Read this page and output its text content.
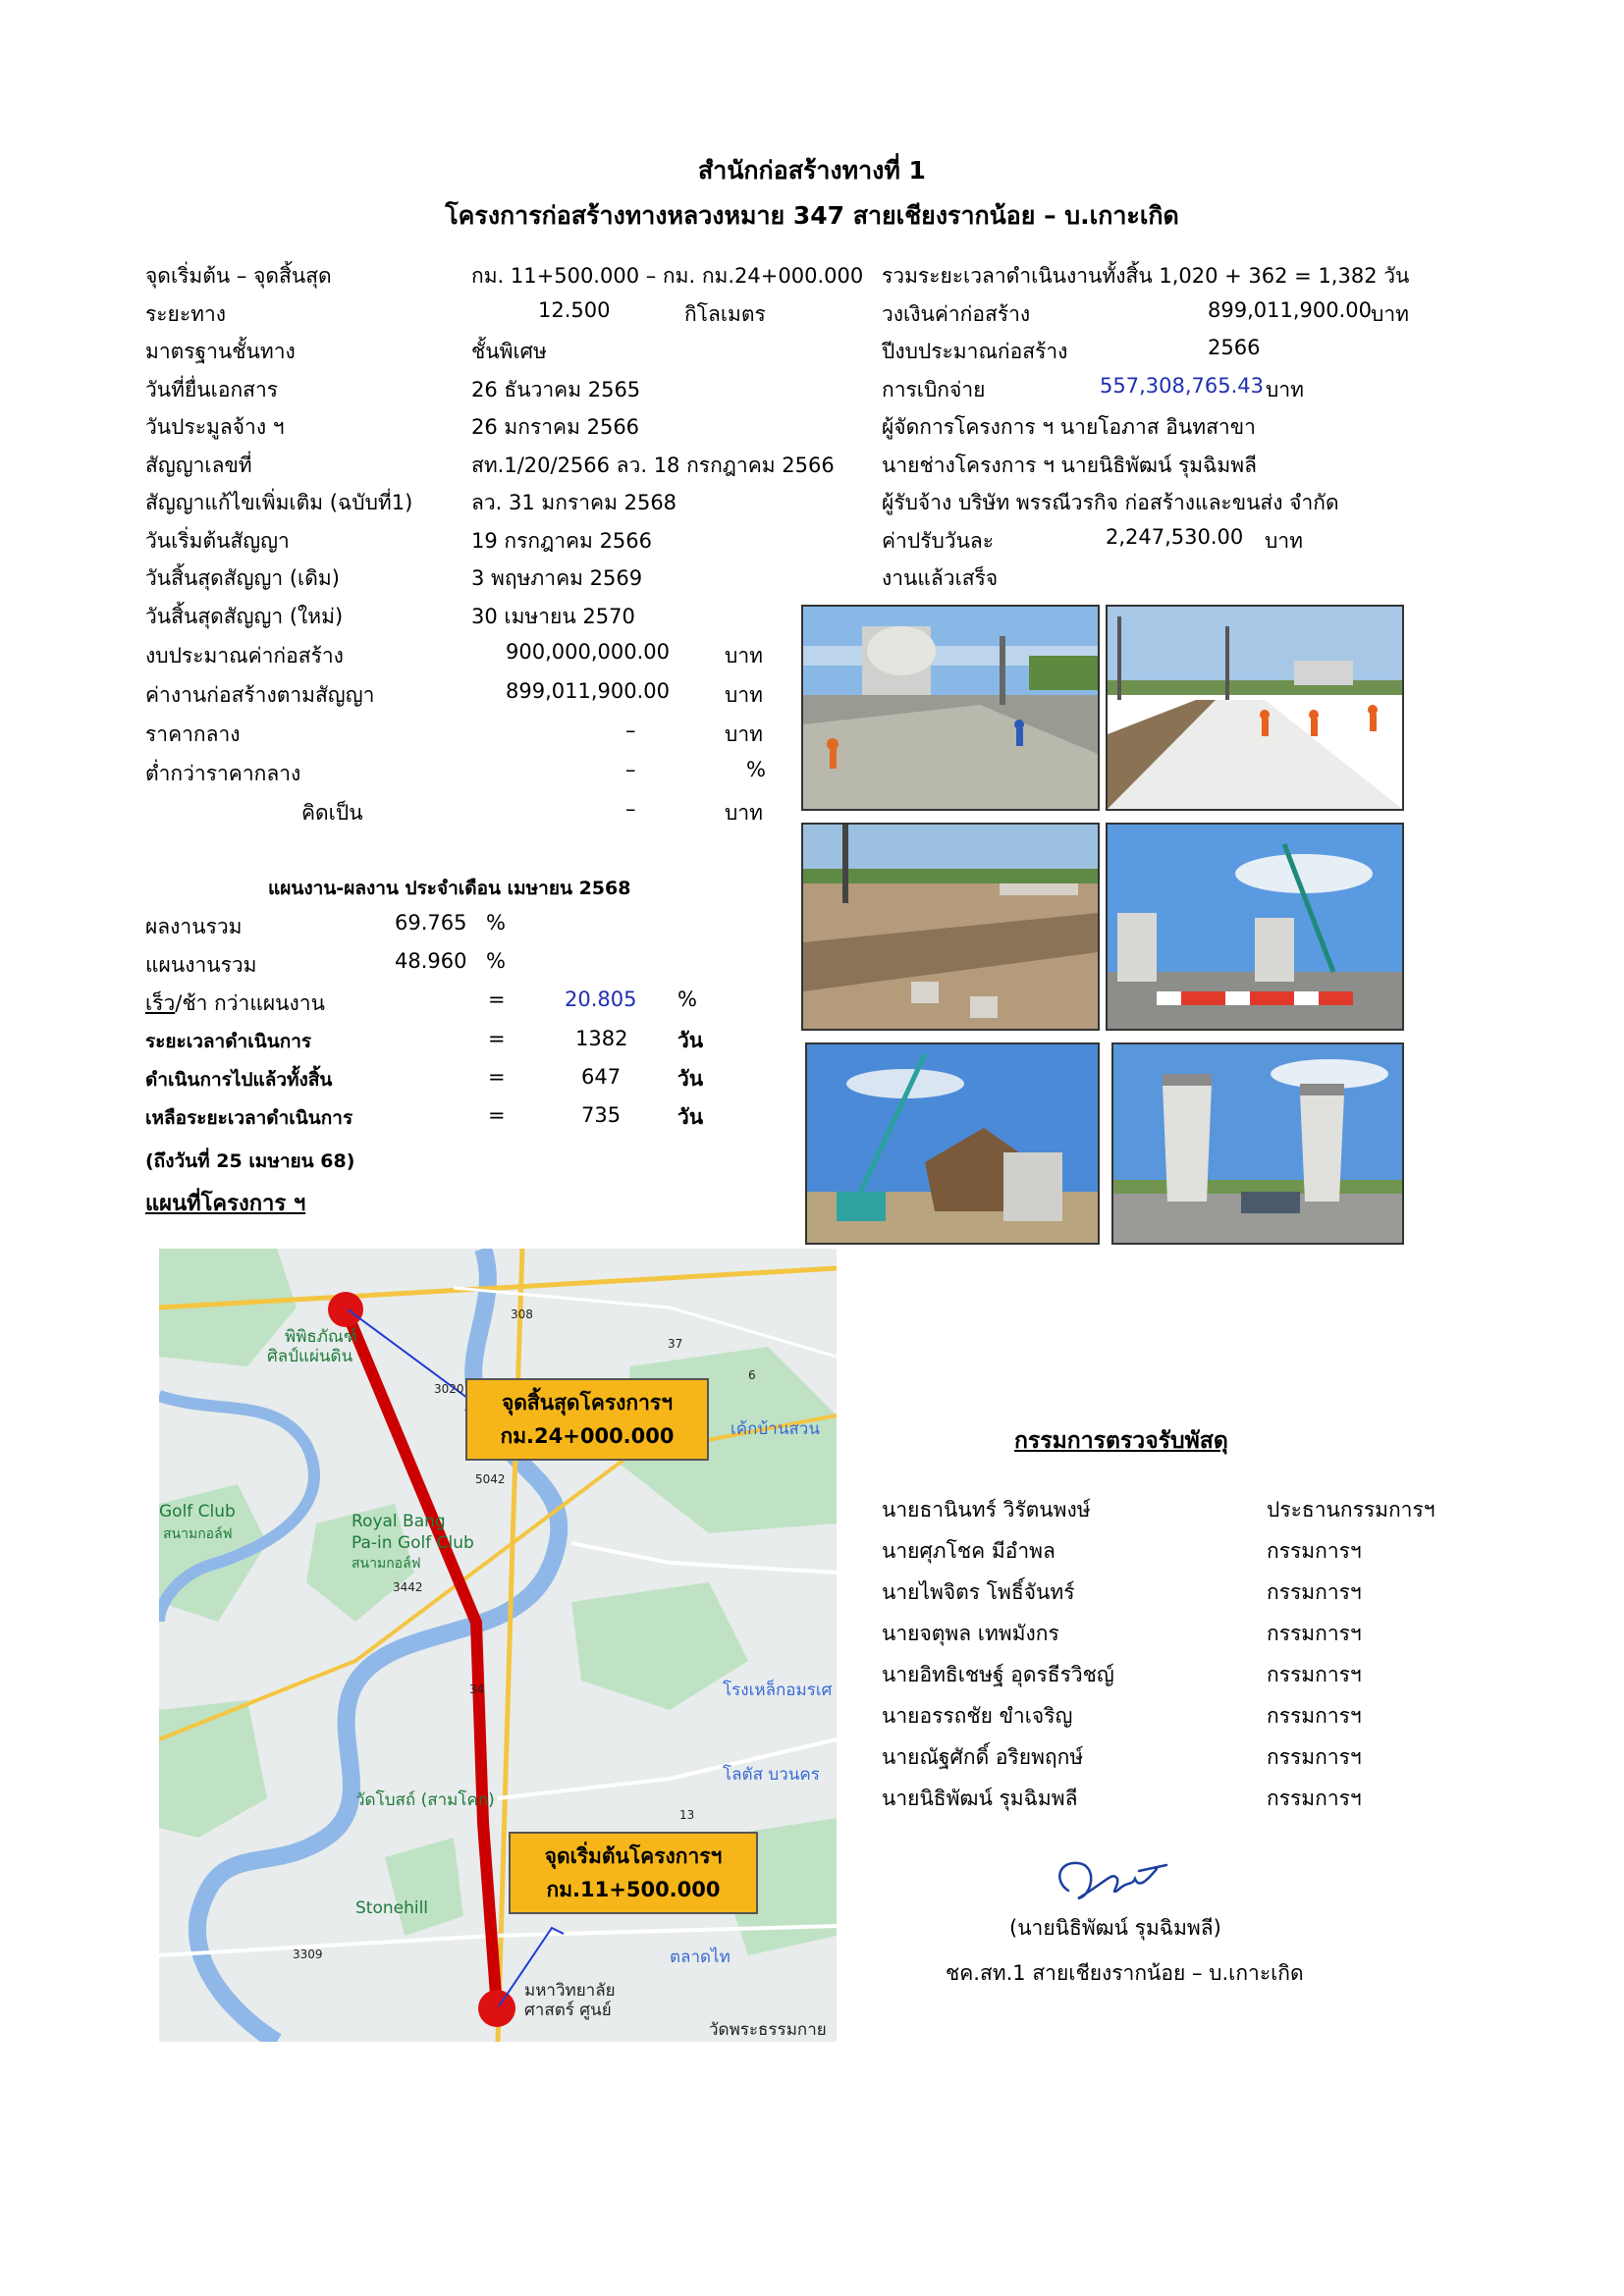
สำนักก่อสร้างทางที่ 1
โครงการก่อสร้างทางหลวงหมาย 347 สายเชียงรากน้อย – บ.เกาะเกิด
จุดเริ่มต้น – จุดสิ้นสุด	กม. 11+500.000 – กม. กม.24+000.000
ระยะทาง	12.500	กิโลเมตร
มาตรฐานชั้นทาง	ชั้นพิเศษ
วันที่ยื่นเอกสาร	26 ธันวาคม 2565
วันประมูลจ้าง ฯ	26 มกราคม 2566
สัญญาเลขที่	สท.1/20/2566 ลว. 18 กรกฎาคม 2566
สัญญาแก้ไขเพิ่มเติม (ฉบับที่1)	ลว. 31 มกราคม 2568
วันเริ่มต้นสัญญา	19 กรกฎาคม 2566
วันสิ้นสุดสัญญา (เดิม)	3 พฤษภาคม 2569
วันสิ้นสุดสัญญา (ใหม่)	30 เมษายน 2570
งบประมาณค่าก่อสร้าง	900,000,000.00	บาท
ค่างานก่อสร้างตามสัญญา	899,011,900.00	บาท
ราคากลาง	–	บาท
ต่ำกว่าราคากลาง	–	%
คิดเป็น	–	บาท
รวมระยะเวลาดำเนินงานทั้งสิ้น 1,020 + 362 = 1,382 วัน
วงเงินค่าก่อสร้าง	899,011,900.00 บาท
ปีงบประมาณก่อสร้าง	2566
การเบิกจ่าย	557,308,765.43 บาท
ผู้จัดการโครงการ ฯ นายโอภาส อินทสาขา
นายช่างโครงการ ฯ นายนิธิพัฒน์ รุมฉิมพลี
ผู้รับจ้าง บริษัท พรรณีวรกิจ ก่อสร้างและขนส่ง จำกัด
ค่าปรับวันละ	2,247,530.00 บาท
งานแล้วเสร็จ
แผนงาน-ผลงาน ประจำเดือน เมษายน 2568
ผลงานรวม	69.765 %
แผนงานรวม	48.960 %
เร็ว/ช้า กว่าแผนงาน	=	20.805 %
ระยะเวลาดำเนินการ	=	1382 วัน
ดำเนินการไปแล้วทั้งสิ้น	=	647	วัน
เหลือระยะเวลาดำเนินการ	=	735	วัน
(ถึงวันที่ 25 เมษายน 68)
แผนที่โครงการ ฯ
พิพิธภัณฑ์
ศิลป์แผ่นดิน
Golf Club
สนามกอล์ฟ
Royal Bang
Pa-in Golf Club
สนามกอล์ฟ
Stonehill
วัดโบสถ์ (สามโคก)
โรงเหล็กอมรเศ
โลตัส บวนคร
เค้กบ้านสวน
ตลาดไท
วัดพระธรรมกาย
มหาวิทยาลัย
ศาสตร์ ศูนย์
3020
5042
3442
3309
308
37
6
34
13
จุดสิ้นสุดโครงการฯ
กม.24+000.000
จุดเริ่มต้นโครงการฯ
กม.11+500.000
กรรมการตรวจรับพัสดุ
นายธานินทร์ วิรัตนพงษ์	ประธานกรรมการฯ
นายศุภโชค มีอำพล	กรรมการฯ
นายไพจิตร โพธิ์จันทร์	กรรมการฯ
นายจตุพล เทพมังกร	กรรมการฯ
นายอิทธิเชษฐ์ อุดรธีรวิชญ์	กรรมการฯ
นายอรรถชัย ขำเจริญ	กรรมการฯ
นายณัฐศักดิ์ อริยพฤกษ์	กรรมการฯ
นายนิธิพัฒน์ รุมฉิมพลี	กรรมการฯ
(นายนิธิพัฒน์ รุมฉิมพลี)
ชค.สท.1 สายเชียงรากน้อย – บ.เกาะเกิด
